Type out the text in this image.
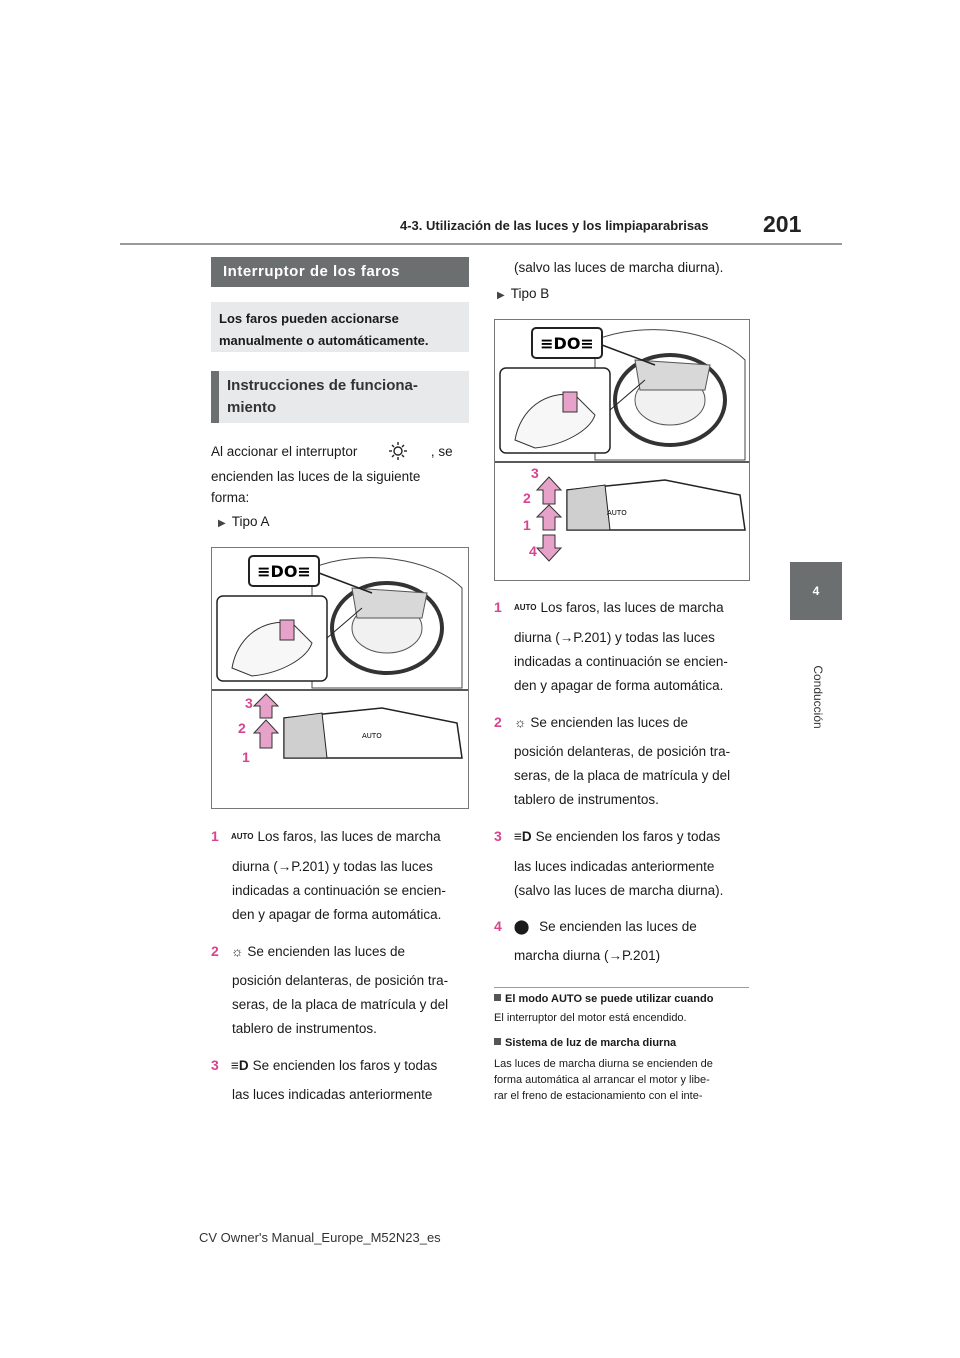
4-3. Utilización de las luces y los limpiaparabrisas 201
4
Conducción
Interruptor de los faros
Los faros pueden accionarse manualmente o automáticamente.
Instrucciones de funciona-miento
Al accionar el interruptor	, se
encienden las luces de la siguiente
forma:
▶ Tipo A
≡DO≡
AUTO
3
2
1
1 AUTO Los faros, las luces de marcha
diurna (→P.201) y todas las luces
indicadas a continuación se encien-
den y apagar de forma automática.
2 ☼ Se encienden las luces de
posición delanteras, de posición tra-
seras, de la placa de matrícula y del
tablero de instrumentos.
3 ≡D Se encienden los faros y todas
las luces indicadas anteriormente
(salvo las luces de marcha diurna).
▶ Tipo B
≡DO≡
AUTO
3
2
1
4
1 AUTO Los faros, las luces de marcha
diurna (→P.201) y todas las luces
indicadas a continuación se encien-
den y apagar de forma automática.
2 ☼ Se encienden las luces de
posición delanteras, de posición tra-
seras, de la placa de matrícula y del
tablero de instrumentos.
3 ≡D Se encienden los faros y todas
las luces indicadas anteriormente
(salvo las luces de marcha diurna).
4 ⬤ Se encienden las luces de
marcha diurna (→P.201)
El modo AUTO se puede utilizar cuando
El interruptor del motor está encendido.
Sistema de luz de marcha diurna
Las luces de marcha diurna se encienden de
forma automática al arrancar el motor y libe-
rar el freno de estacionamiento con el inte-
CV Owner's Manual_Europe_M52N23_es
